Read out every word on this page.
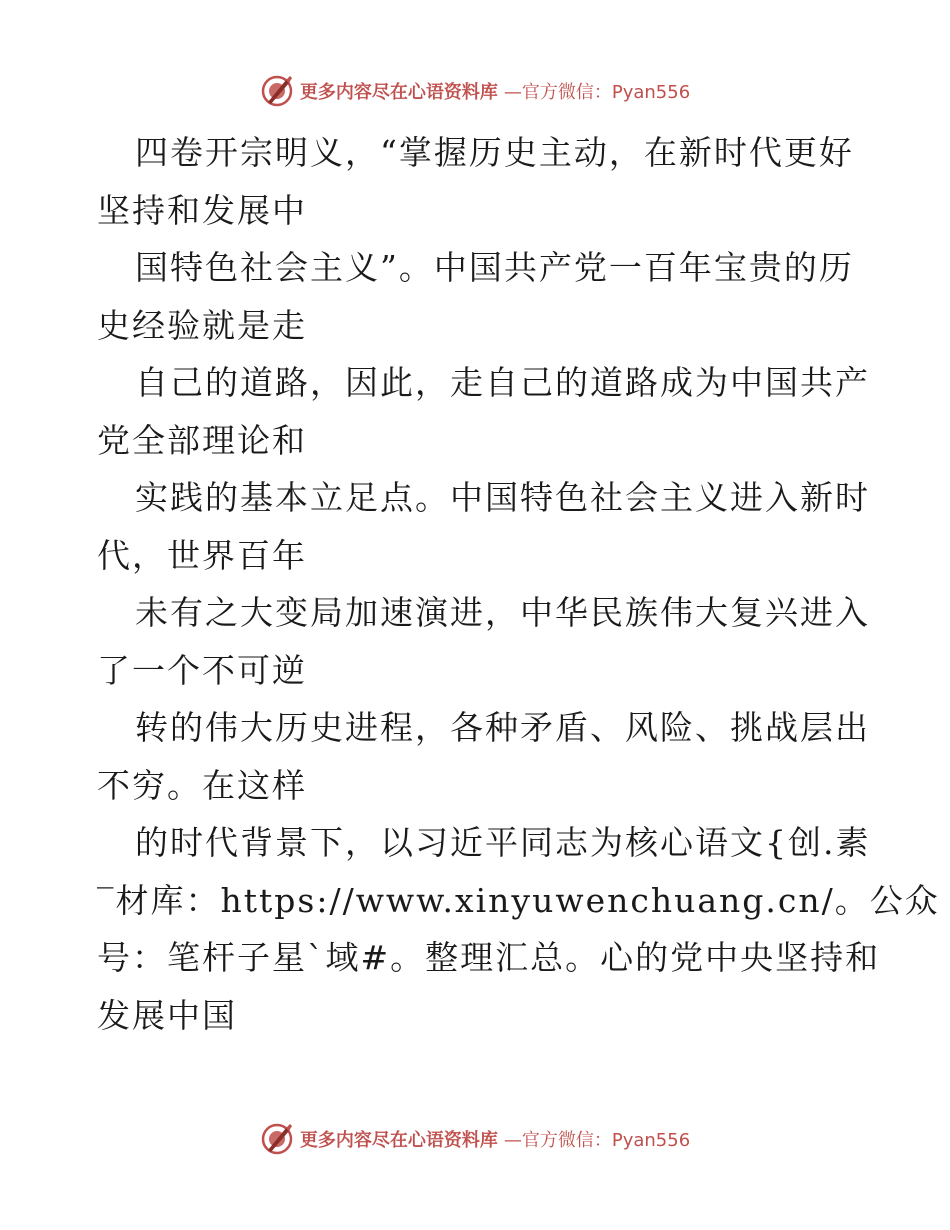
更多内容尽在心语资料库 —官方微信：Pyan556
四卷开宗明义，“掌握历史主动，在新时代更好
坚持和发展中
国特色社会主义”。中国共产党一百年宝贵的历
史经验就是走
自己的道路，因此，走自己的道路成为中国共产
党全部理论和
实践的基本立足点。中国特色社会主义进入新时
代，世界百年
未有之大变局加速演进，中华民族伟大复兴进入
了一个不可逆
转的伟大历史进程，各种矛盾、风险、挑战层出
不穷。在这样
的时代背景下，以习近平同志为核心语文{创.素
‾材库：https://www.xinyuwenchuang.cn/。公众
号：笔杆子星`域#。整理汇总。心的党中央坚持和
发展中国
更多内容尽在心语资料库 —官方微信：Pyan556
